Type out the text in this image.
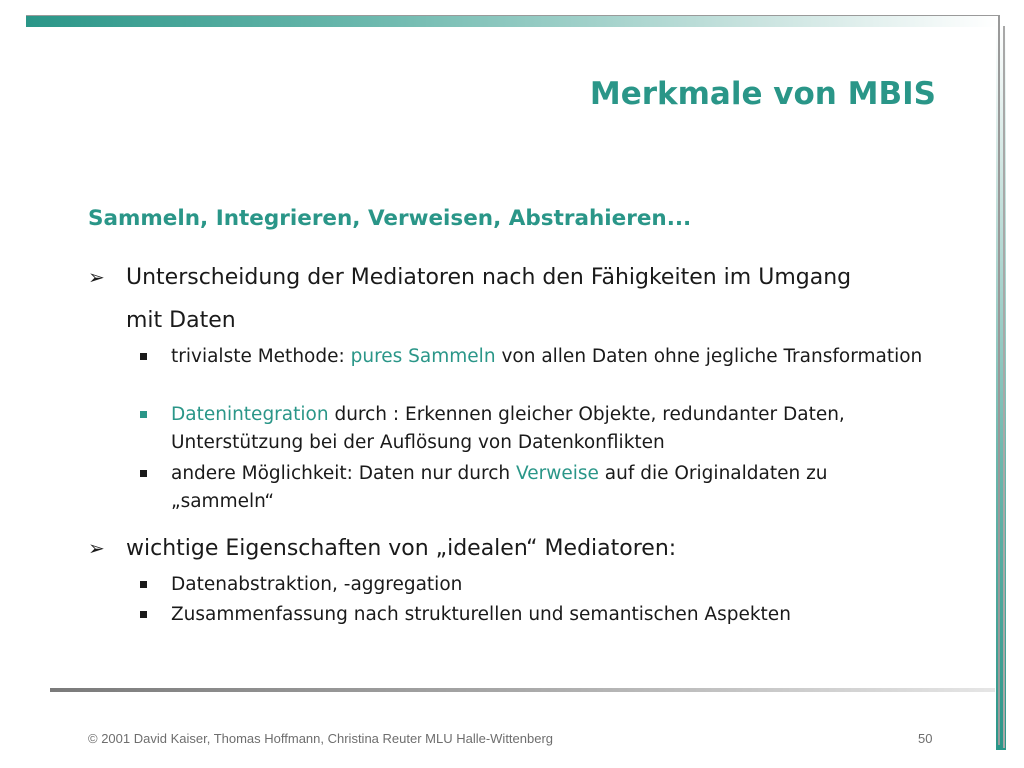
Merkmale von MBIS
Sammeln, Integrieren, Verweisen, Abstrahieren...
➢ Unterscheidung der Mediatoren nach den Fähigkeiten im Umgang mit Daten
trivialste Methode: pures Sammeln von allen Daten ohne jegliche Transformation
Datenintegration durch : Erkennen gleicher Objekte, redundanter Daten, Unterstützung bei der Auflösung von Datenkonflikten
andere Möglichkeit: Daten nur durch Verweise auf die Originaldaten zu „sammeln“
➢ wichtige Eigenschaften von „idealen“ Mediatoren:
Datenabstraktion, -aggregation
Zusammenfassung nach strukturellen und semantischen Aspekten
© 2001 David Kaiser, Thomas Hoffmann, Christina Reuter MLU Halle-Wittenberg	50
